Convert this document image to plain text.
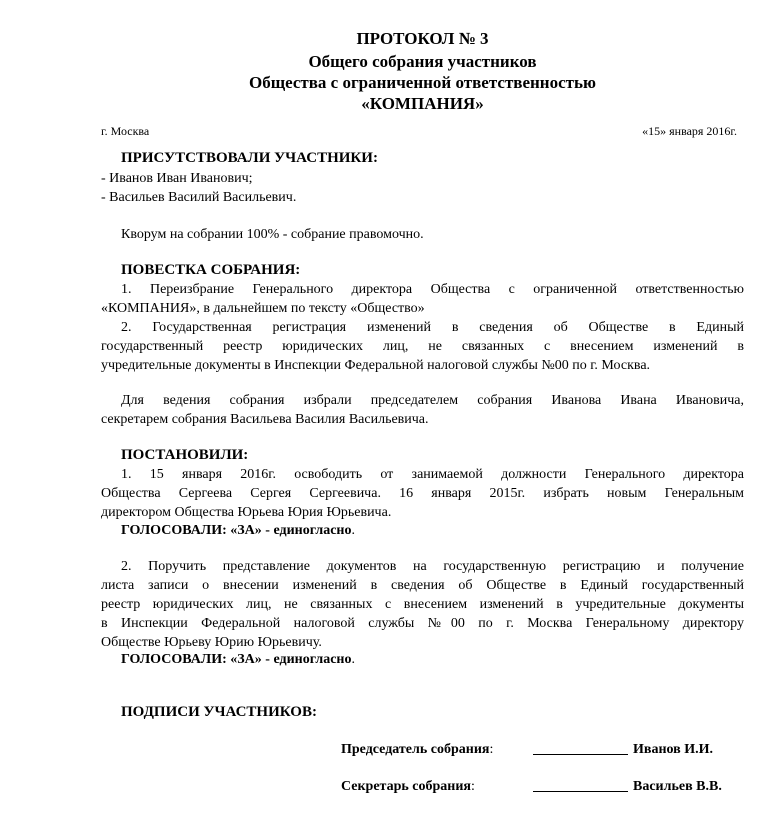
ПРОТОКОЛ № 3
Общего собрания участников
Общества с ограниченной ответственностью
«КОМПАНИЯ»
г. Москва	«15» января 2016г.
ПРИСУТСТВОВАЛИ УЧАСТНИКИ:
- Иванов Иван Иванович;
- Васильев Василий Васильевич.
Кворум на собрании 100% - собрание правомочно.
ПОВЕСТКА СОБРАНИЯ:
1. Переизбрание Генерального директора Общества с ограниченной ответственностью
«КОМПАНИЯ», в дальнейшем по тексту «Общество»
2. Государственная регистрация изменений в сведения об Обществе в Единый
государственный реестр юридических лиц, не связанных с внесением изменений в
учредительные документы в Инспекции Федеральной налоговой службы №00 по г. Москва.
Для ведения собрания избрали председателем собрания Иванова Ивана Ивановича,
секретарем собрания Васильева Василия Васильевича.
ПОСТАНОВИЛИ:
1. 15 января 2016г. освободить от занимаемой должности Генерального директора
Общества Сергеева Сергея Сергеевича. 16 января 2015г. избрать новым Генеральным
директором Общества Юрьева Юрия Юрьевича.
ГОЛОСОВАЛИ: «ЗА» - единогласно.
2. Поручить представление документов на государственную регистрацию и получение
листа записи о внесении изменений в сведения об Обществе в Единый государственный
реестр юридических лиц, не связанных с внесением изменений в учредительные документы
в Инспекции Федеральной налоговой службы №00 по г. Москва Генеральному директору
Обществе Юрьеву Юрию Юрьевичу.
ГОЛОСОВАЛИ: «ЗА» - единогласно.
ПОДПИСИ УЧАСТНИКОВ:
Председатель собрания:	Иванов И.И.
Секретарь собрания:	Васильев В.В.
